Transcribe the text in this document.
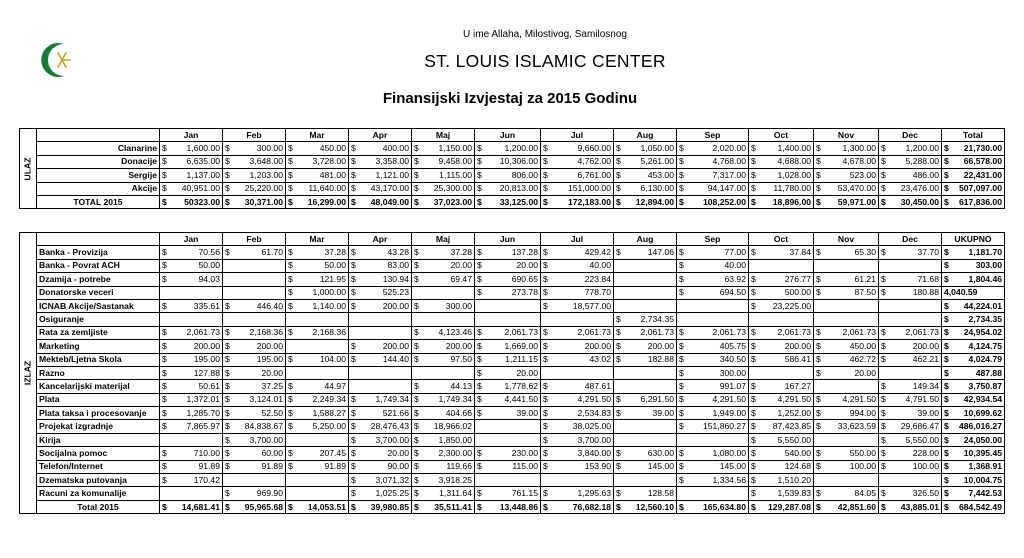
U ime Allaha, Milostivog, Samilosnog
ST. LOUIS ISLAMIC CENTER
Finansijski Izvjestaj za 2015 Godinu
ULAZ		Jan	Feb	Mar	Apr	Maj	Jun	Jul	Aug	Sep	Oct	Nov	Dec	Total
	Clanarine	$ 1,600.00	$ 300.00	$ 450.00	$ 400.00	$ 1,150.00	$ 1,200.00	$ 9,660.00	$ 1,050.00	$ 2,020.00	$ 1,400.00	$ 1,300.00	$ 1,200.00	$ 21,730.00

	Donacije	$ 6,635.00	$ 3,648.00	$ 3,728.00	$ 3,358.00	$ 9,458.00	$ 10,306.00	$ 4,762.00	$ 5,261.00	$ 4,768.00	$ 4,688.00	$ 4,678.00	$ 5,288.00	$ 66,578.00

	Sergije	$ 1,137.00	$ 1,203.00	$ 481.00	$ 1,121.00	$ 1,115.00	$ 806.00	$ 6,761.00	$ 453.00	$ 7,317.00	$ 1,028.00	$ 523.00	$ 486.00	$ 22,431.00

	Akcije	$ 40,951.00	$ 25,220.00	$ 11,640.00	$ 43,170.00	$ 25,300.00	$ 20,813.00	$ 151,000.00	$ 6,130.00	$ 94,147.00	$ 11,780.00	$ 53,470.00	$ 23,476.00	$ 507,097.00

	TOTAL 2015	$ 50323.00	$ 30,371.00	$ 16,299.00	$ 48,049.00	$ 37,023.00	$ 33,125.00	$ 172,183.00	$ 12,894.00	$ 108,252.00	$ 18,896.00	$ 59,971.00	$ 30,450.00	$ 617,836.00
IZLAZ		Jan	Feb	Mar	Apr	Maj	Jun	Jul	Aug	Sep	Oct	Nov	Dec	UKUPNO
	Banka - Provizija	$ 70.56	$ 61.70	$ 37.28	$ 43.28	$ 37.28	$ 137.28	$ 429.42	$ 147.06	$ 77.00	$ 37.84	$ 65.30	$ 37.70	$ 1,181.70

	Banka - Povrat ACH	$ 50.00		$ 50.00	$ 83.00	$ 20.00	$ 20.00	$ 40.00		$ 40.00				$ 303.00

	Dzamija - potrebe	$ 94.03		$ 121.95	$ 130.94	$ 69.47	$ 690.65	$ 223.84		$ 63.92	$ 276.77	$ 61.21	$ 71.68	$ 1,804.46

	Donatorske veceri			$ 1,000.00	$ 525.23		$ 273.78	$ 778.70		$ 694.50	$ 500.00	$ 87.50	$ 180.88	4,040.59
	ICNAB Akcije/Sastanak	$ 335.61	$ 446.40	$ 1,140.00	$ 200.00	$ 300.00		$ 18,577.00			$ 23,225.00			$ 44,224.01

	Osiguranje								$ 2,734.35					$ 2,734.35

	Rata za zemljiste	$ 2,061.73	$ 2,168.36	$ 2,168.36		$ 4,123.46	$ 2,061.73	$ 2,061.73	$ 2,061.73	$ 2,061.73	$ 2,061.73	$ 2,061.73	$ 2,061.73	$ 24,954.02

	Marketing	$ 200.00	$ 200.00		$ 200.00	$ 200.00	$ 1,669.00	$ 200.00	$ 200.00	$ 405.75	$ 200.00	$ 450.00	$ 200.00	$ 4,124.75

	Mekteb/Ljetna Skola	$ 195.00	$ 195.00	$ 104.00	$ 144.40	$ 97.50	$ 1,211.15	$ 43.02	$ 182.88	$ 340.50	$ 586.41	$ 462.72	$ 462.21	$ 4,024.79

	Razno	$ 127.88	$ 20.00				$ 20.00			$ 300.00		$ 20.00		$ 487.88

	Kancelarijski materijal	$ 50.61	$ 37.25	$ 44.97		$ 44.13	$ 1,778.62	$ 487.61		$ 991.07	$ 167.27		$ 149.34	$ 3,750.87

	Plata	$ 1,372.01	$ 3,124.01	$ 2,249.34	$ 1,749.34	$ 1,749.34	$ 4,441.50	$ 4,291.50	$ 6,291.50	$ 4,291.50	$ 4,291.50	$ 4,291.50	$ 4,791.50	$ 42,934.54

	Plata taksa i procesovanje	$ 1,285.70	$ 52.50	$ 1,588.27	$ 521.66	$ 404.66	$ 39.00	$ 2,534.83	$ 39.00	$ 1,949.00	$ 1,252.00	$ 994.00	$ 39.00	$ 10,699.62

	Projekat izgradnje	$ 7,865.97	$ 84,838.67	$ 5,250.00	$ 28,476.43	$ 18,966.02		$ 38,025.00		$ 151,860.27	$ 87,423.85	$ 33,623.59	$ 29,686.47	$ 486,016.27

	Kirija		$ 3,700.00		$ 3,700.00	$ 1,850.00		$ 3,700.00			$ 5,550.00		$ 5,550.00	$ 24,050.00

	Socijalna pomoc	$ 710.00	$ 60.00	$ 207.45	$ 20.00	$ 2,300.00	$ 230.00	$ 3,840.00	$ 630.00	$ 1,080.00	$ 540.00	$ 550.00	$ 228.00	$ 10,395.45

	Telefon/Internet	$ 91.89	$ 91.89	$ 91.89	$ 90.00	$ 119.66	$ 115.00	$ 153.90	$ 145.00	$ 145.00	$ 124.68	$ 100.00	$ 100.00	$ 1,368.91

	Dzematska putovanja	$ 170.42			$ 3,071.32	$ 3,918.25				$ 1,334.56	$ 1,510.20			$ 10,004.75

	Racuni za komunalije		$ 969.90		$ 1,025.25	$ 1,311.64	$ 761.15	$ 1,295.63	$ 128.58		$ 1,539.83	$ 84.05	$ 326.50	$ 7,442.53

	Total 2015	$ 14,681.41	$ 95,965.68	$ 14,053.51	$ 39,980.85	$ 35,511.41	$ 13,448.86	$ 76,682.18	$ 12,560.10	$ 165,634.80	$ 129,287.08	$ 42,851.60	$ 43,885.01	$ 684,542.49
